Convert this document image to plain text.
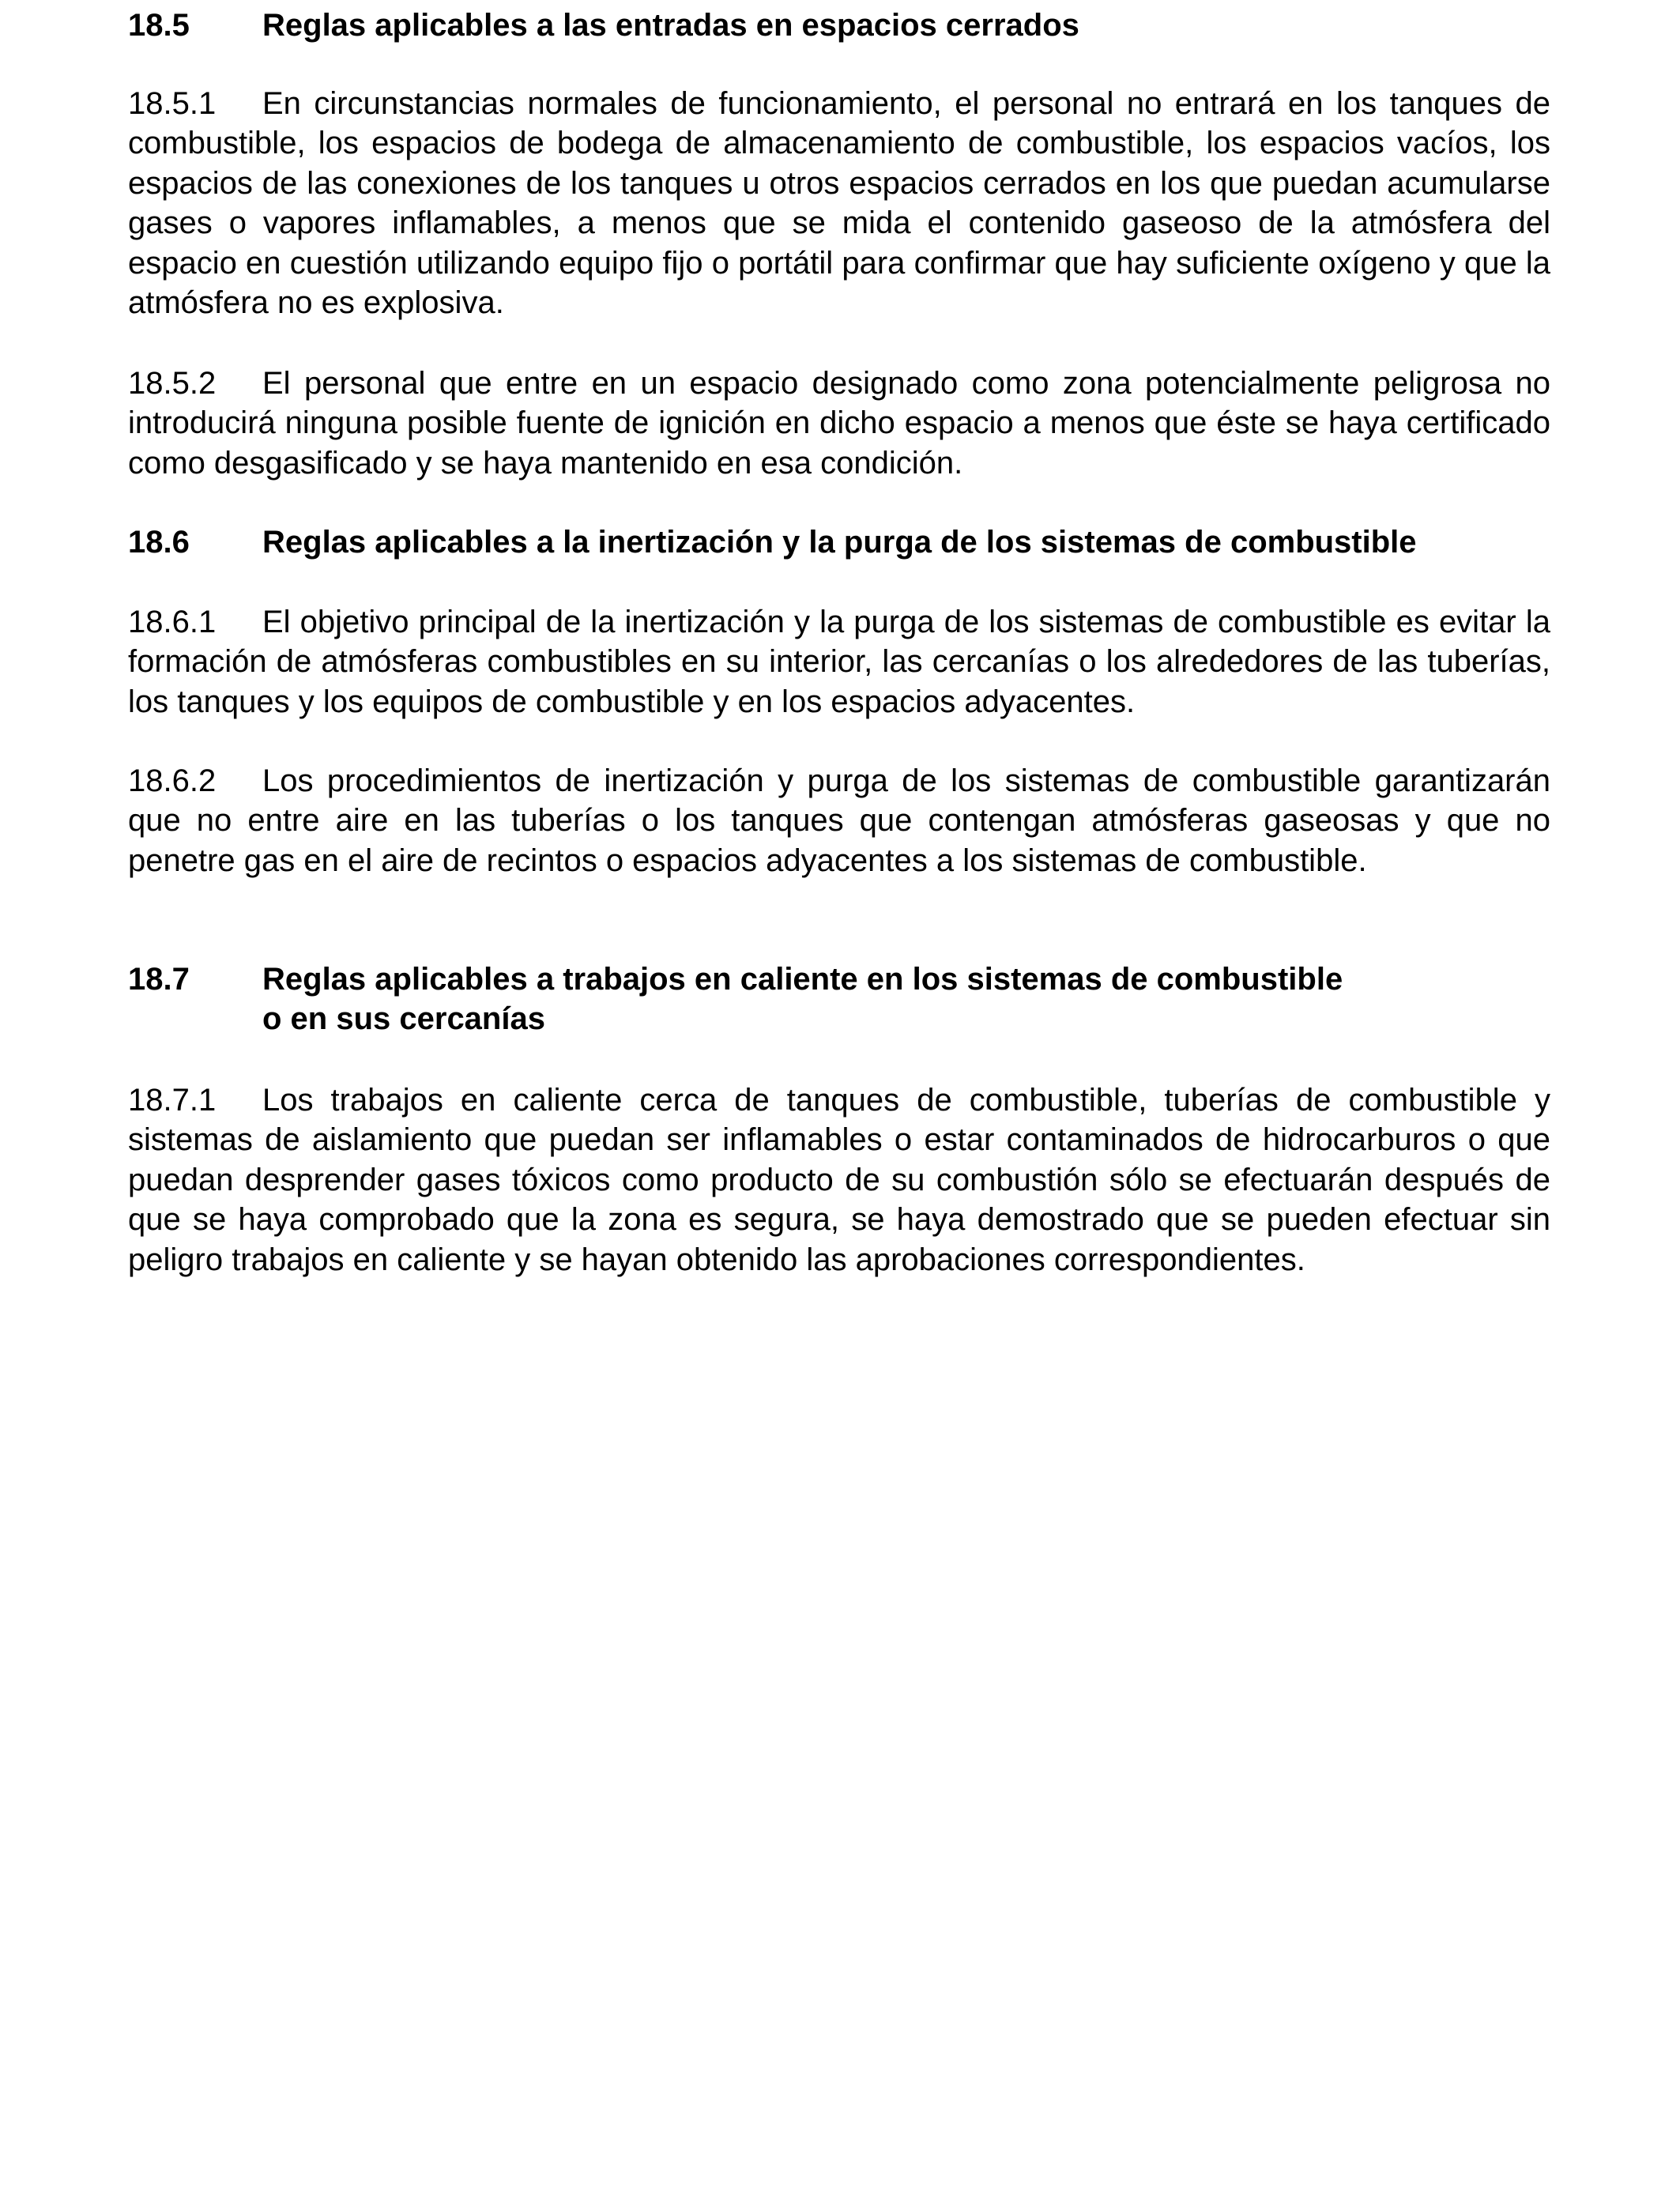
18.5 Reglas aplicables a las entradas en espacios cerrados
18.5.1 En circunstancias normales de funcionamiento, el personal no entrará en los tanques de combustible, los espacios de bodega de almacenamiento de combustible, los espacios vacíos, los espacios de las conexiones de los tanques u otros espacios cerrados en los que puedan acumularse gases o vapores inflamables, a menos que se mida el contenido gaseoso de la atmósfera del espacio en cuestión utilizando equipo fijo o portátil para confirmar que hay suficiente oxígeno y que la atmósfera no es explosiva.
18.5.2 El personal que entre en un espacio designado como zona potencialmente peligrosa no introducirá ninguna posible fuente de ignición en dicho espacio a menos que éste se haya certificado como desgasificado y se haya mantenido en esa condición.
18.6 Reglas aplicables a la inertización y la purga de los sistemas de combustible
18.6.1 El objetivo principal de la inertización y la purga de los sistemas de combustible es evitar la formación de atmósferas combustibles en su interior, las cercanías o los alrededores de las tuberías, los tanques y los equipos de combustible y en los espacios adyacentes.
18.6.2 Los procedimientos de inertización y purga de los sistemas de combustible garantizarán que no entre aire en las tuberías o los tanques que contengan atmósferas gaseosas y que no penetre gas en el aire de recintos o espacios adyacentes a los sistemas de combustible.
18.7 Reglas aplicables a trabajos en caliente en los sistemas de combustible
o en sus cercanías
18.7.1 Los trabajos en caliente cerca de tanques de combustible, tuberías de combustible y sistemas de aislamiento que puedan ser inflamables o estar contaminados de hidrocarburos o que puedan desprender gases tóxicos como producto de su combustión sólo se efectuarán después de que se haya comprobado que la zona es segura, se haya demostrado que se pueden efectuar sin peligro trabajos en caliente y se hayan obtenido las aprobaciones correspondientes.
